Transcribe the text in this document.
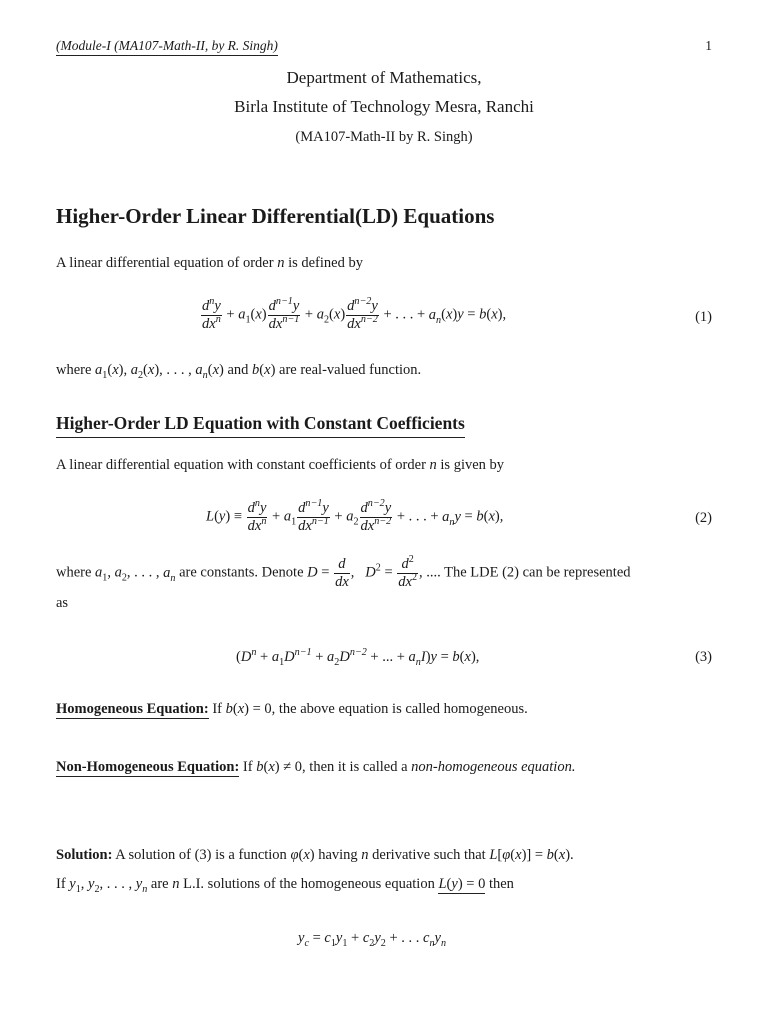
(Module-I (MA107-Math-II, by R. Singh)	1
Department of Mathematics,
Birla Institute of Technology Mesra, Ranchi
(MA107-Math-II by R. Singh)
Higher-Order Linear Differential(LD) Equations
A linear differential equation of order n is defined by
$\frac{d^ny}{dx^n} + a_1(x) \frac{d^{n-1}y}{dx^{n-1}} + a_2(x) \frac{d^{n-2}y}{dx^{n-2}}$ + . . . + $a_n(x)y = b(x)$,	(1)
where $a_1(x)$, $a_2(x)$, . . . , $a_n(x)$ and b(x) are real-valued function.
Higher-Order LD Equation with Constant Coefficients
A linear differential equation with constant coefficients of order n is given by
$L(y) \equiv \frac{d^ny}{dx^n} + a_1 \frac{d^{n-1}y}{dx^{n-1}} + a_2 \frac{d^{n-2}y}{dx^{n-2}}$ + . . . + $a_ny = b(x)$,	(2)
where $a_1$, $a_2$, . . . , $a_n$ are constants. Denote $D = \frac{d}{dx}$ ,   $D^2 = \frac{d^2}{dx^2}$ , .... The LDE (2) can be represented
as
($D^n + a_1D^{n-1} + a_2D^{n-2}$ + ... + $a_nI)y = b(x)$,	(3)
Homogeneous Equation: If b(x) = 0, the above equation is called homogeneous.
Non-Homogeneous Equation: If b(x) ≠ 0, then it is called a non-homogeneous equation.
Solution: A solution of (3) is a function φ(x) having n derivative such that L[φ(x)] = b(x).
If $y_1$, $y_2$, . . . , $y_n$ are n L.I. solutions of the homogeneous equation L(y) = 0 then
$y_c = c_1y_1 + c_2y_2$ + . . . $c_ny_n$
